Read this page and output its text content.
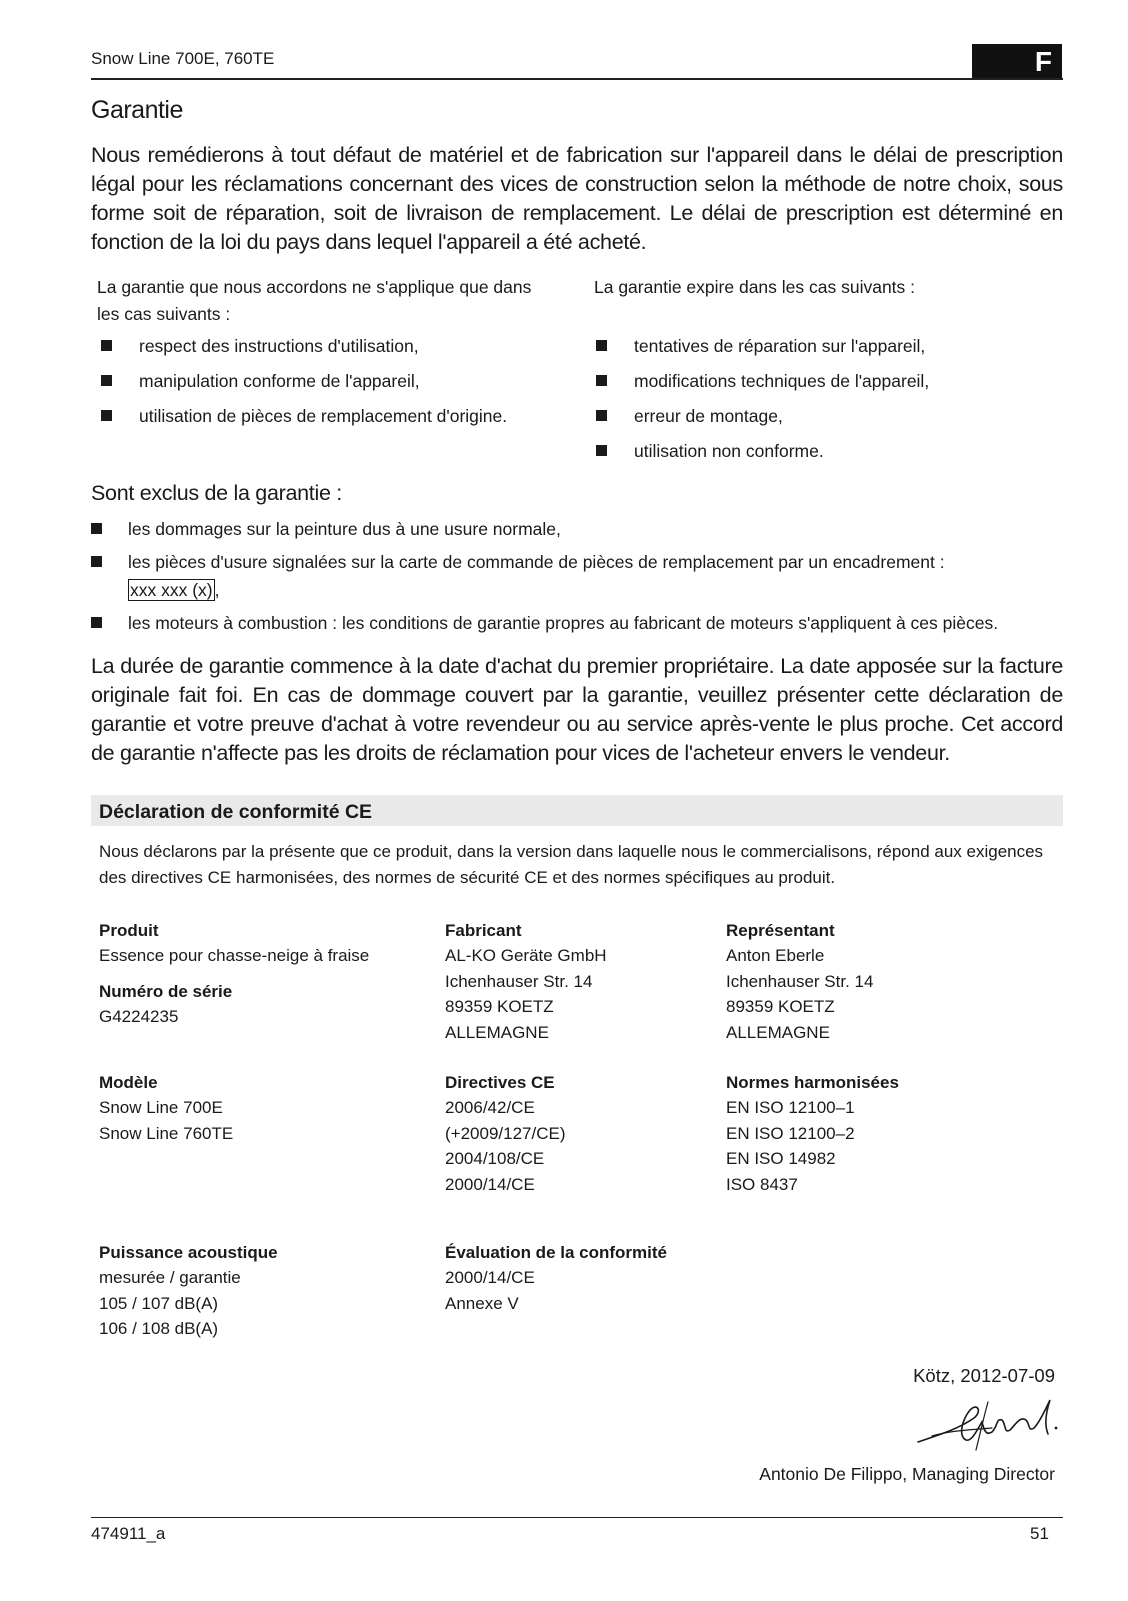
Snow Line 700E, 760TE	F
Garantie

Nous remédierons à tout défaut de matériel et de fabrication sur l'appareil dans le délai de prescription légal pour les réclamations concernant des vices de construction selon la méthode de notre choix, sous forme soit de réparation, soit de livraison de remplacement. Le délai de prescription est déterminé en fonction de la loi du pays dans lequel l'appareil a été acheté.

La garantie que nous accordons ne s'applique que dans les cas suivants :

respect des instructions d'utilisation,
manipulation conforme de l'appareil,
utilisation de pièces de remplacement d'origine.

La garantie expire dans les cas suivants :

tentatives de réparation sur l'appareil,
modifications techniques de l'appareil,
erreur de montage,
utilisation non conforme.
Sont exclus de la garantie :
les dommages sur la peinture dus à une usure normale,
les pièces d'usure signalées sur la carte de commande de pièces de remplacement par un encadrement :
xxx xxx (x) ,
les moteurs à combustion : les conditions de garantie propres au fabricant de moteurs s'appliquent à ces pièces.

La durée de garantie commence à la date d'achat du premier propriétaire. La date apposée sur la facture originale fait foi. En cas de dommage couvert par la garantie, veuillez présenter cette déclaration de garantie et votre preuve d'achat à votre revendeur ou au service après-vente le plus proche. Cet accord de garantie n'affecte pas les droits de réclamation pour vices de l'acheteur envers le vendeur.

Déclaration de conformité CE

Nous déclarons par la présente que ce produit, dans la version dans laquelle nous le commercialisons, répond aux exigences des directives CE harmonisées, des normes de sécurité CE et des normes spécifiques au produit.

Produit
Essence pour chasse-neige à fraise
Numéro de série
G4224235
Fabricant
AL-KO Geräte GmbH
Ichenhauser Str. 14
89359 KOETZ
ALLEMAGNE
Représentant
Anton Eberle
Ichenhauser Str. 14
89359 KOETZ
ALLEMAGNE
Modèle
Snow Line 700E
Snow Line 760TE
Directives CE
2006/42/CE
(+2009/127/CE)
2004/108/CE
2000/14/CE
Normes harmonisées
EN ISO 12100–1
EN ISO 12100–2
EN ISO 14982
ISO 8437
Puissance acoustique
mesurée / garantie
105 / 107 dB(A)
106 / 108 dB(A)
Évaluation de la conformité
2000/14/CE
Annexe V
Kötz, 2012-07-09
Antonio De Filippo, Managing Director
474911_a	51
